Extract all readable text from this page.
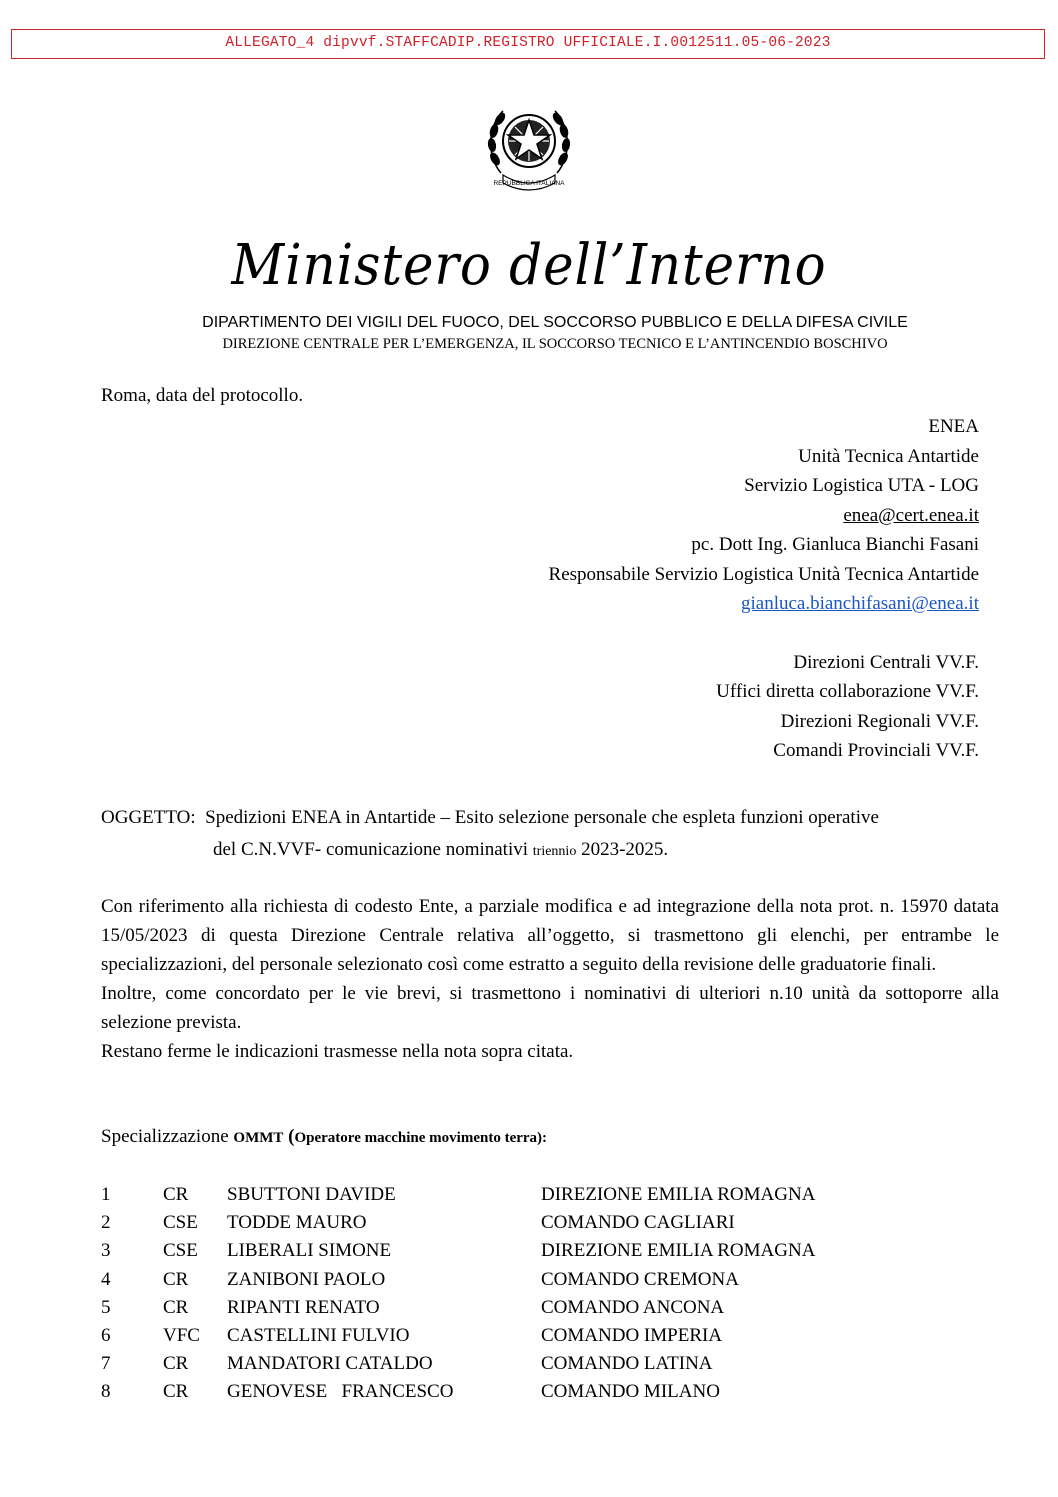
ALLEGATO_4 dipvvf.STAFFCADIP.REGISTRO UFFICIALE.I.0012511.05-06-2023
REPUBBLICA ITALIANA
Ministero dell’Interno
DIPARTIMENTO DEI VIGILI DEL FUOCO, DEL SOCCORSO PUBBLICO E DELLA DIFESA CIVILE
DIREZIONE CENTRALE PER L’EMERGENZA, IL SOCCORSO TECNICO E L’ANTINCENDIO BOSCHIVO
Roma, data del protocollo.
ENEA
Unità Tecnica Antartide
Servizio Logistica UTA - LOG
enea@cert.enea.it
pc. Dott Ing. Gianluca Bianchi Fasani
Responsabile Servizio Logistica Unità Tecnica Antartide
gianluca.bianchifasani@enea.it
Direzioni Centrali VV.F.
Uffici diretta collaborazione VV.F.
Direzioni Regionali VV.F.
Comandi Provinciali VV.F.
OGGETTO: Spedizioni ENEA in Antartide – Esito selezione personale che espleta funzioni operative
del C.N.VVF- comunicazione nominativi triennio 2023-2025.

Con riferimento alla richiesta di codesto Ente, a parziale modifica e ad integrazione della nota prot. n. 15970 datata 15/05/2023 di questa Direzione Centrale relativa all’oggetto, si trasmettono gli elenchi, per entrambe le specializzazioni, del personale selezionato così come estratto a seguito della revisione delle graduatorie finali.

Inoltre, come concordato per le vie brevi, si trasmettono i nominativi di ulteriori n.10 unità da sottoporre alla selezione prevista.

Restano ferme le indicazioni trasmesse nella nota sopra citata.

Specializzazione OMMT (Operatore macchine movimento terra):
1	CR SBUTTONI DAVIDE	DIREZIONE EMILIA ROMAGNA
2	CSE TODDE MAURO	COMANDO CAGLIARI
3	CSE LIBERALI SIMONE	DIREZIONE EMILIA ROMAGNA
4	CR ZANIBONI PAOLO	COMANDO CREMONA
5	CR RIPANTI RENATO	COMANDO ANCONA
6	VFC CASTELLINI FULVIO	COMANDO IMPERIA
7	CR MANDATORI CATALDO	COMANDO LATINA
8	CR GENOVESE   FRANCESCO	COMANDO MILANO
